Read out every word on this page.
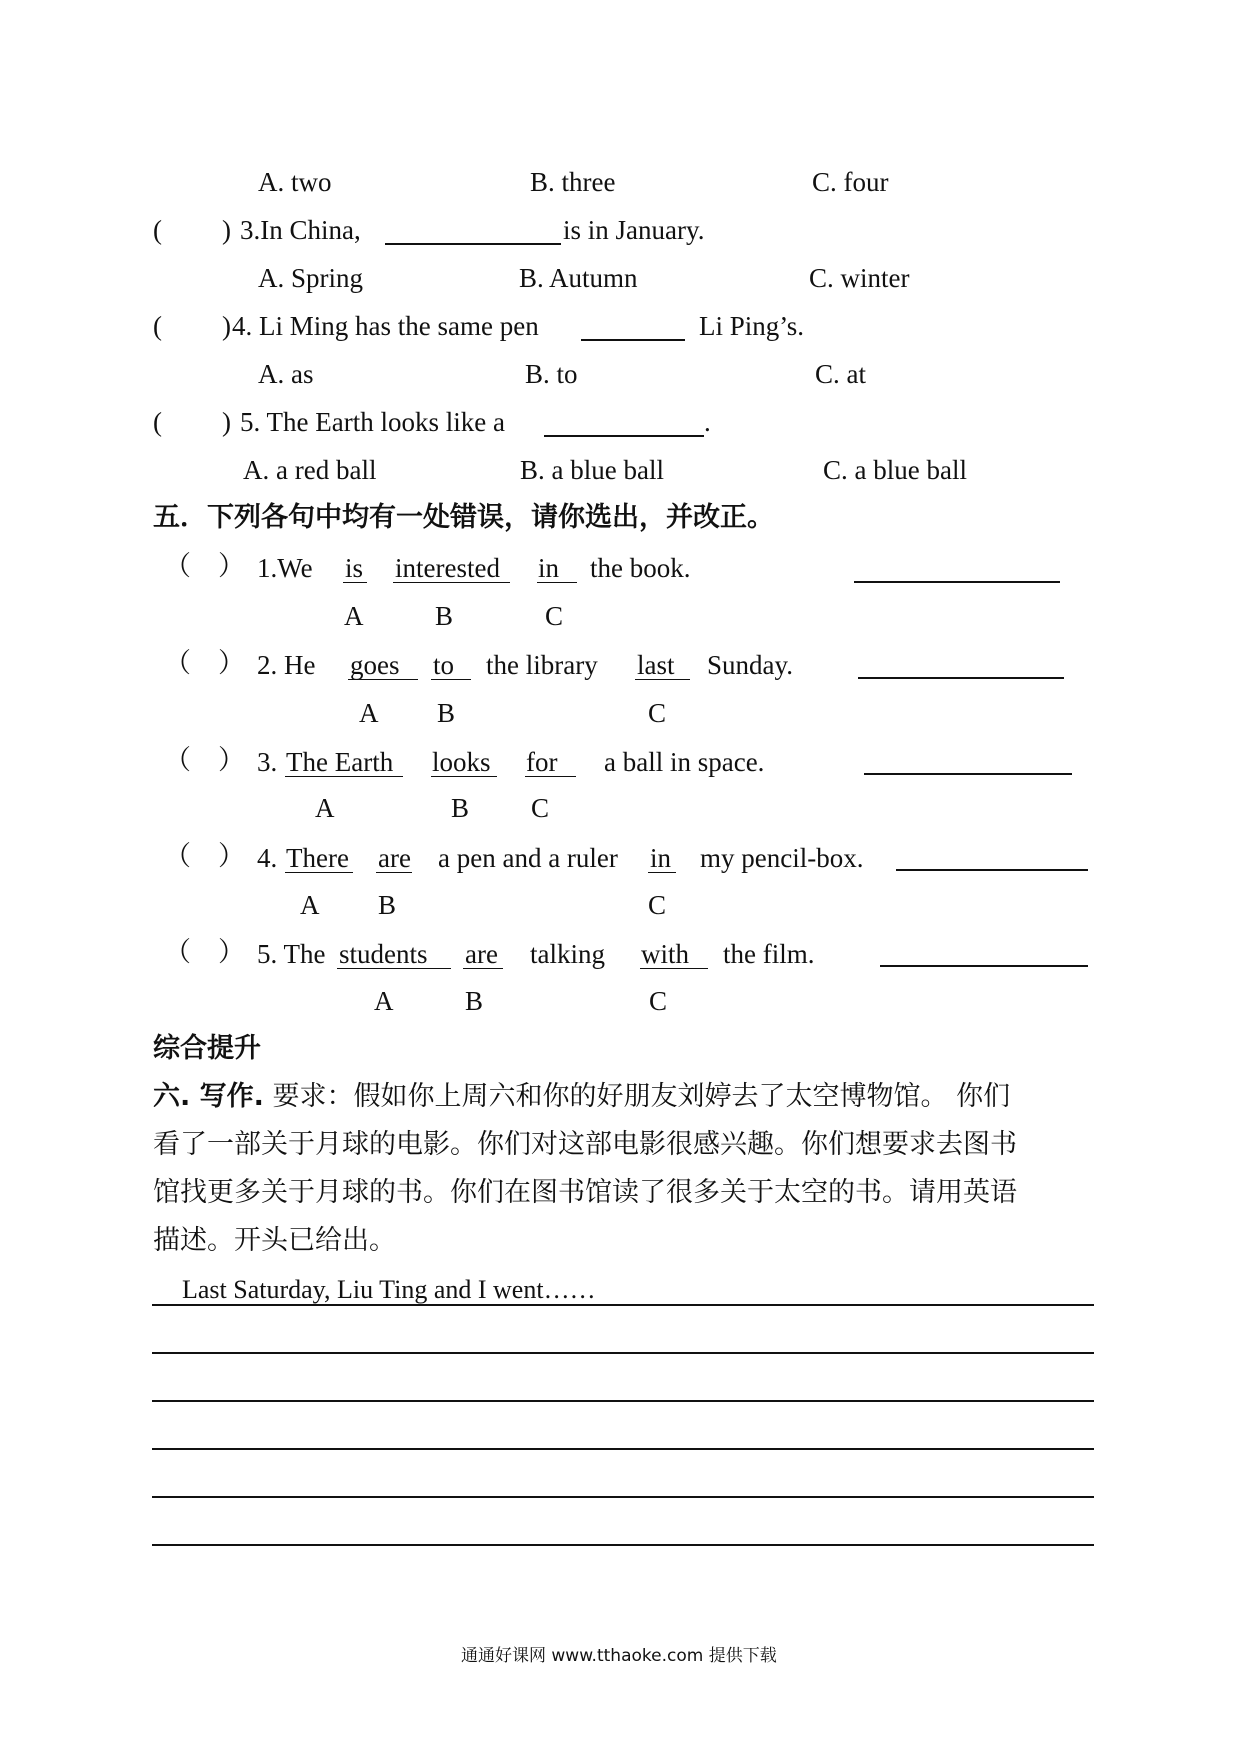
A. two	B. three	C. four
( ) 3.In China,	is in January.
A. Spring	B. Autumn	C. winter
( ) 4. Li Ming has the same pen	Li Ping’s.
A. as	B. to	C. at
( ) 5. The Earth looks like a	.
A. a red ball	B. a blue ball	C. a blue ball
五．下列各句中均有一处错误，请你选出，并改正。
（ ） 1.We is interested in the book.
A	B	C
（ ） 2. He goes to the library last Sunday.
A B	C
（ ） 3. The Earth looks for a ball in space.
A	B C
（ ） 4. There are a pen and a ruler in my pencil-box.
A B	C
（ ） 5. The students are talking with the film.
A	B	C
综合提升
六. 写作. 要求：假如你上周六和你的好朋友刘婷去了太空博物馆。 你们
看了一部关于月球的电影。你们对这部电影很感兴趣。你们想要求去图书
馆找更多关于月球的书。你们在图书馆读了很多关于太空的书。请用英语
描述。开头已给出。
Last Saturday, Liu Ting and I went……
通通好课网 www.tthaoke.com 提供下载
